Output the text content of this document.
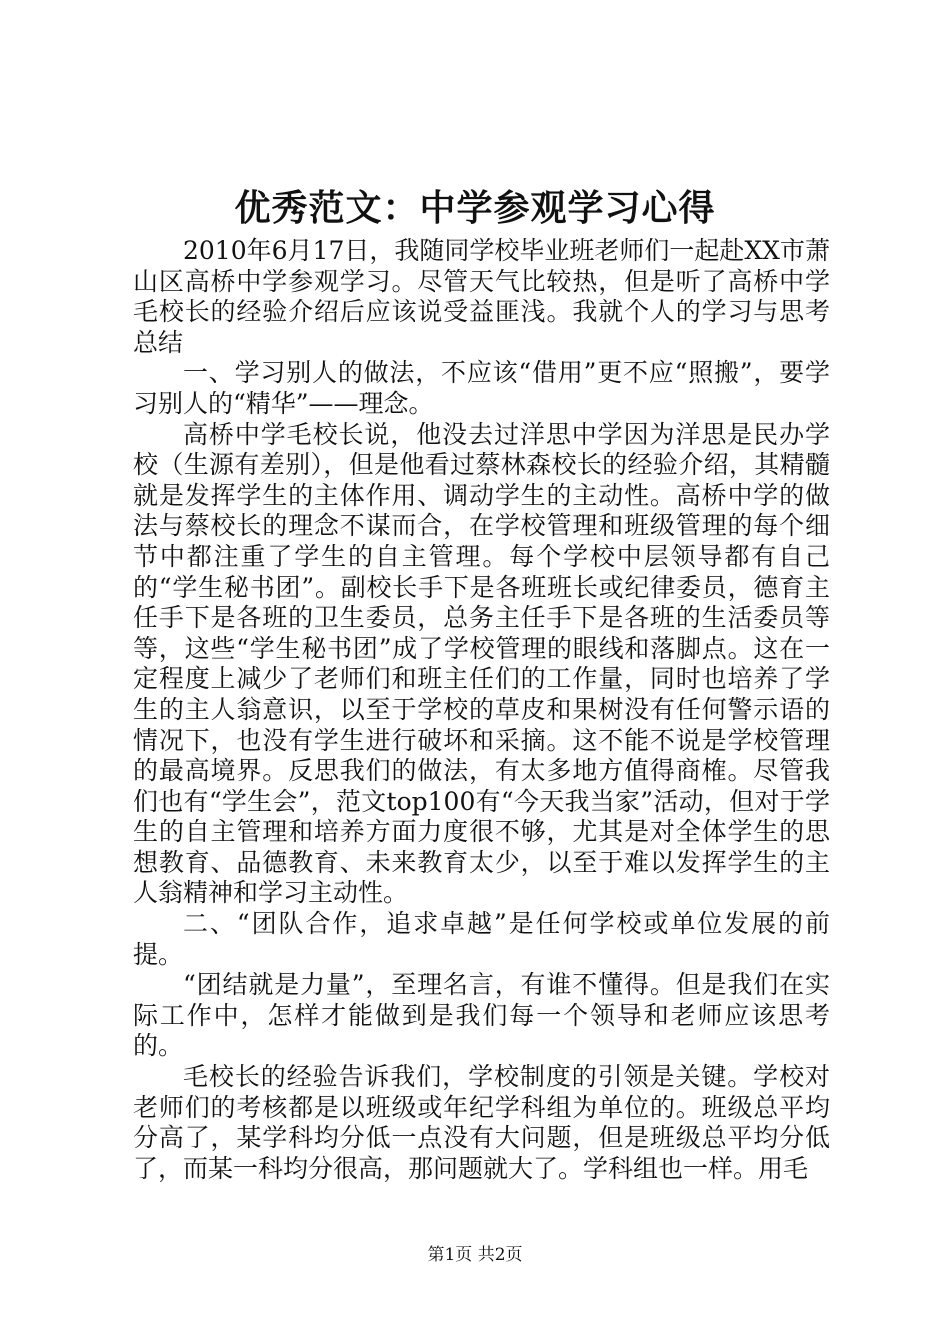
优秀范文：中学参观学习心得

2010年6月17日，我随同学校毕业班老师们一起赴XX市萧山区高桥中学参观学习。尽管天气比较热，但是听了高桥中学毛校长的经验介绍后应该说受益匪浅。我就个人的学习与思考总结

一、学习别人的做法，不应该“借用”更不应“照搬”，要学习别人的“精华”——理念。

高桥中学毛校长说，他没去过洋思中学因为洋思是民办学校（生源有差别），但是他看过蔡林森校长的经验介绍，其精髓就是发挥学生的主体作用、调动学生的主动性。高桥中学的做法与蔡校长的理念不谋而合，在学校管理和班级管理的每个细节中都注重了学生的自主管理。每个学校中层领导都有自己的“学生秘书团”。副校长手下是各班班长或纪律委员，德育主任手下是各班的卫生委员，总务主任手下是各班的生活委员等等，这些“学生秘书团”成了学校管理的眼线和落脚点。这在一定程度上减少了老师们和班主任们的工作量，同时也培养了学生的主人翁意识，以至于学校的草皮和果树没有任何警示语的情况下，也没有学生进行破坏和采摘。这不能不说是学校管理的最高境界。反思我们的做法，有太多地方值得商榷。尽管我们也有“学生会”，范文top100有“今天我当家”活动，但对于学生的自主管理和培养方面力度很不够，尤其是对全体学生的思想教育、品德教育、未来教育太少，以至于难以发挥学生的主人翁精神和学习主动性。

二、“团队合作，追求卓越”是任何学校或单位发展的前提。

“团结就是力量”，至理名言，有谁不懂得。但是我们在实际工作中，怎样才能做到是我们每一个领导和老师应该思考的。

毛校长的经验告诉我们，学校制度的引领是关键。学校对老师们的考核都是以班级或年纪学科组为单位的。班级总平均分高了，某学科均分低一点没有大问题，但是班级总平均分低了，而某一科均分很高，那问题就大了。学科组也一样。用毛

第1页 共2页
